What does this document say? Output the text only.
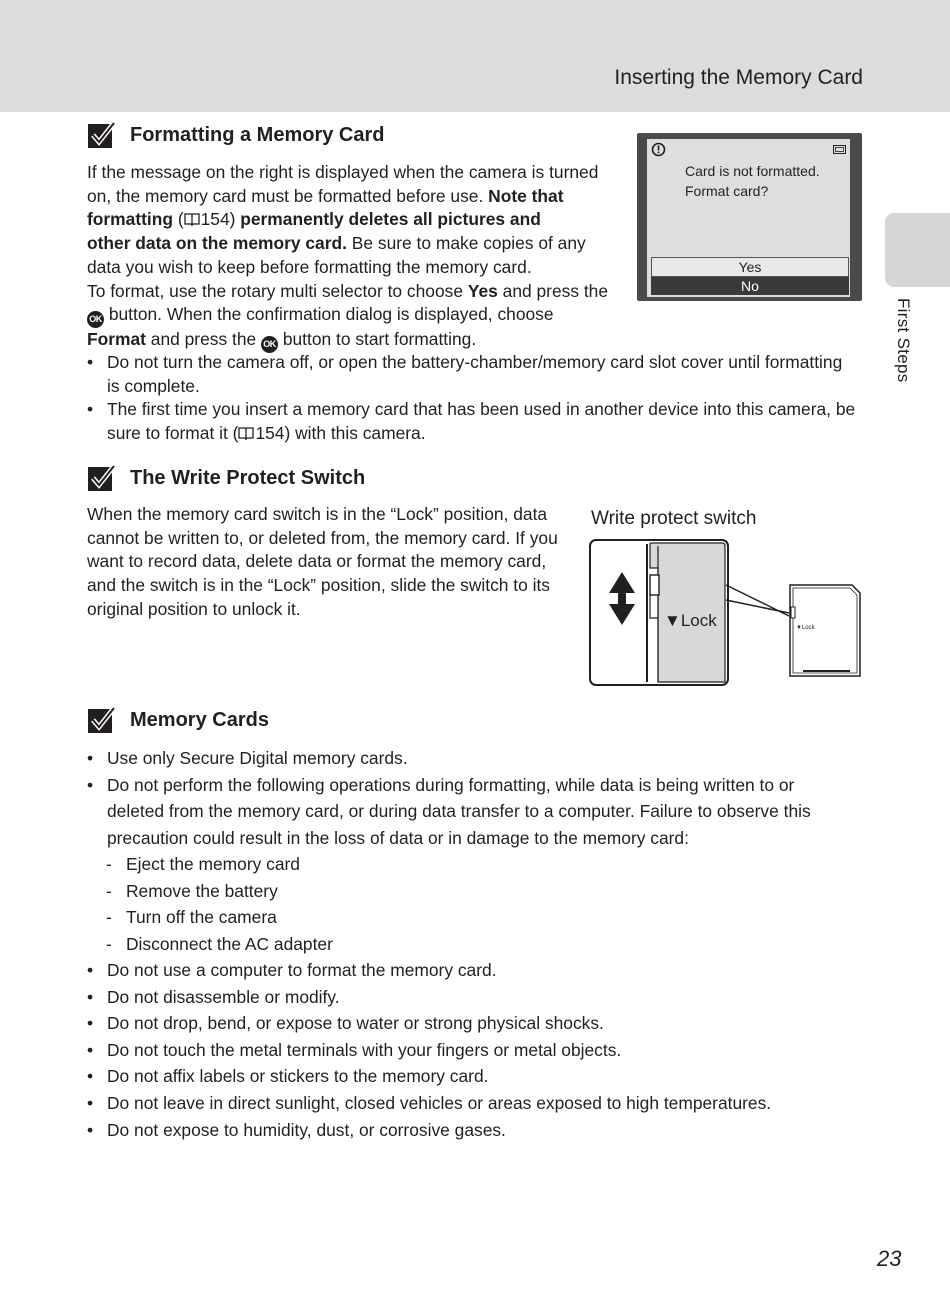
Inserting the Memory Card
First Steps
Formatting a Memory Card
If the message on the right is displayed when the camera is turned
on, the memory card must be formatted before use. Note that
formatting ( 154) permanently deletes all pictures and
other data on the memory card. Be sure to make copies of any
data you wish to keep before formatting the memory card.
To format, use the rotary multi selector to choose Yes and press the
OK button. When the confirmation dialog is displayed, choose
Format and press the OK button to start formatting.
• Do not turn the camera off, or open the battery-chamber/memory card slot cover until formatting
is complete.
• The first time you insert a memory card that has been used in another device into this camera, be
sure to format it ( 154) with this camera.
Card is not formatted.
Format card?
Yes
No
The Write Protect Switch
When the memory card switch is in the “Lock” position, data
cannot be written to, or deleted from, the memory card. If you
want to record data, delete data or format the memory card,
and the switch is in the “Lock” position, slide the switch to its
original position to unlock it.
Write protect switch
▼Lock	▼Lock
Memory Cards
• Use only Secure Digital memory cards.
• Do not perform the following operations during formatting, while data is being written to or
deleted from the memory card, or during data transfer to a computer. Failure to observe this
precaution could result in the loss of data or in damage to the memory card:
- Eject the memory card
- Remove the battery
- Turn off the camera
- Disconnect the AC adapter
• Do not use a computer to format the memory card.
• Do not disassemble or modify.
• Do not drop, bend, or expose to water or strong physical shocks.
• Do not touch the metal terminals with your fingers or metal objects.
• Do not affix labels or stickers to the memory card.
• Do not leave in direct sunlight, closed vehicles or areas exposed to high temperatures.
• Do not expose to humidity, dust, or corrosive gases.
23
